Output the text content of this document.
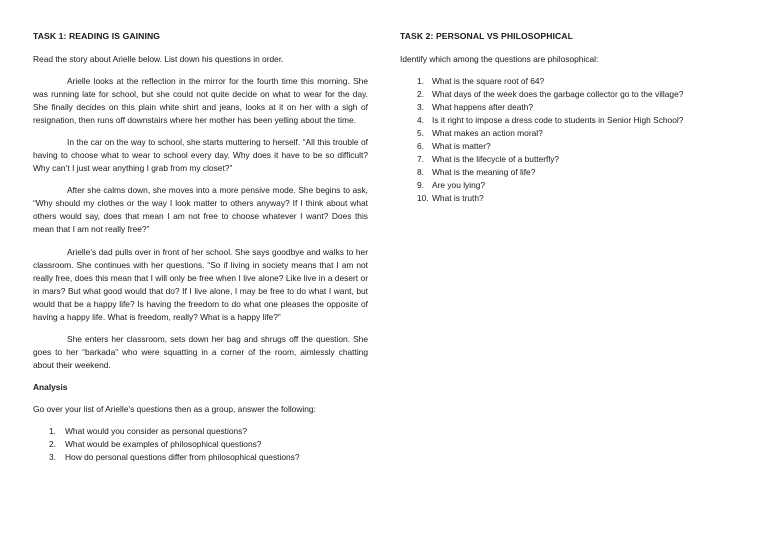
TASK 1: READING IS GAINING

Read the story about Arielle below. List down his questions in order.

Arielle looks at the reflection in the mirror for the fourth time this morning. She was running late for school, but she could not quite decide on what to wear for the day. She finally decides on this plain white shirt and jeans, looks at it on her with a sigh of resignation, then runs off downstairs where her mother has been yelling about the time.

In the car on the way to school, she starts muttering to herself. “All this trouble of having to choose what to wear to school every day. Why does it have to be so difficult? Why can’t I just wear anything I grab from my closet?”

After she calms down, she moves into a more pensive mode. She begins to ask, “Why should my clothes or the way I look matter to others anyway? If I think about what others would say, does that mean I am not free to choose whatever I want? Does this mean that I am not really free?”

Arielle’s dad pulls over in front of her school. She says goodbye and walks to her classroom. She continues with her questions. “So if living in society means that I am not really free, does this mean that I will only be free when I live alone? Like live in a desert or in mars? But what good would that do? If I live alone, I may be free to do what I want, but would that be a happy life? Is having the freedom to do what one pleases the opposite of having a happy life. What is freedom, really? What is a happy life?”

She enters her classroom, sets down her bag and shrugs off the question. She goes to her “barkada” who were squatting in a corner of the room, aimlessly chatting about their weekend.

Analysis

Go over your list of Arielle’s questions then as a group, answer the following:

1. What would you consider as personal questions?
2. What would be examples of philosophical questions?
3. How do personal questions differ from philosophical questions?
TASK 2: PERSONAL VS PHILOSOPHICAL

Identify which among the questions are philosophical:

1. What is the square root of 64?
2. What days of the week does the garbage collector go to the village?
3. What happens after death?
4. Is it right to impose a dress code to students in Senior High School?
5. What makes an action moral?
6. What is matter?
7. What is the lifecycle of a butterfly?
8. What is the meaning of life?
9. Are you lying?
10. What is truth?
